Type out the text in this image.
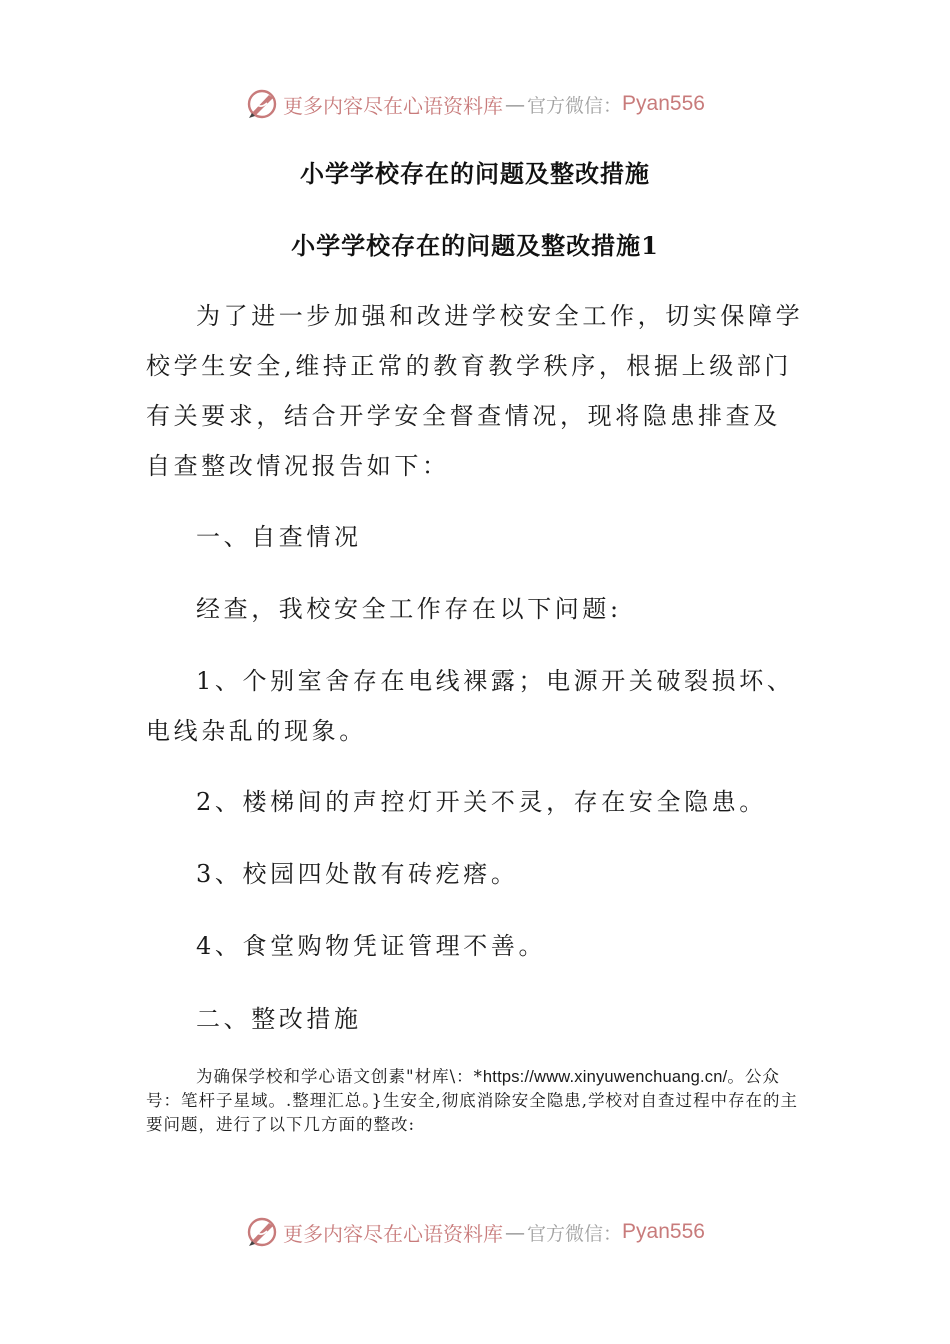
更多内容尽在心语资料库 — 官方微信： Pyan556
小学学校存在的问题及整改措施
小学学校存在的问题及整改措施1

为了进一步加强和改进学校安全工作，切实保障学校学生安全,维持正常的教育教学秩序，根据上级部门有关要求，结合开学安全督查情况，现将隐患排查及自查整改情况报告如下：

一、自查情况

经查，我校安全工作存在以下问题:

1、个别室舍存在电线裸露；电源开关破裂损坏、电线杂乱的现象。

2、楼梯间的声控灯开关不灵，存在安全隐患。

3、校园四处散有砖疙瘩。

4、食堂购物凭证管理不善。

二、整改措施

为确保学校和学心语文创素"材库\：*https://www.xinyuwenchuang.cn/。公众号：笔杆子星域。.整理汇总。}生安全,彻底消除安全隐患,学校对自查过程中存在的主要问题，进行了以下几方面的整改:

更多内容尽在心语资料库 — 官方微信： Pyan556
